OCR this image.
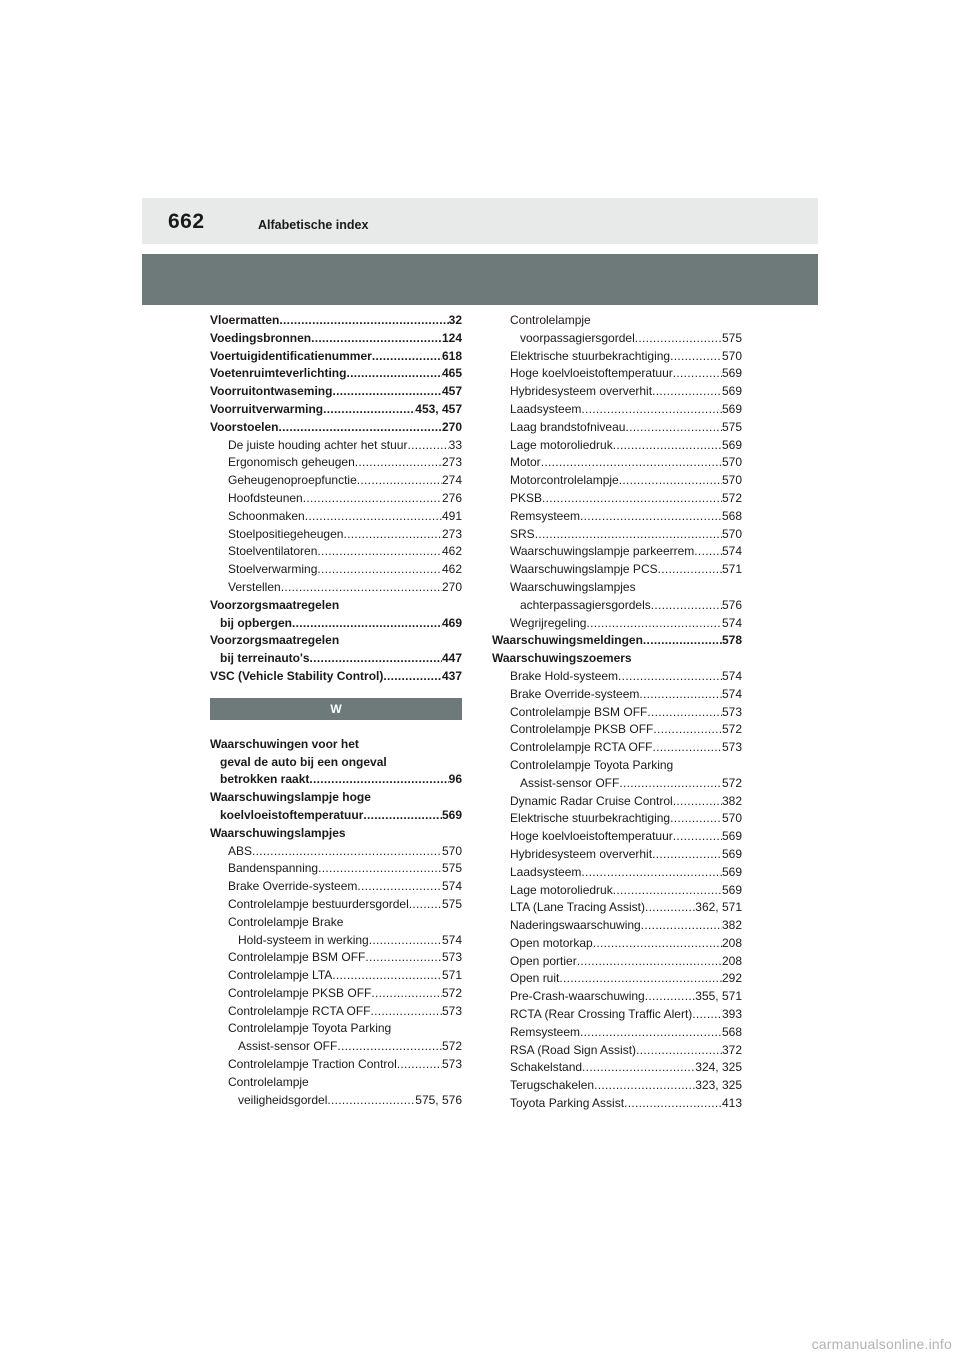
662	Alfabetische index
Vloermatten .....	32
Voedingsbronnen .....	124
Voertuigidentificatienummer .....	618
Voetenruimteverlichting .....	465
Voorruitontwaseming .....	457
Voorruitverwarming .....	453, 457
Voorstoelen .....	270
De juiste houding achter het stuur .....	33
Ergonomisch geheugen .....	273
Geheugenoproepfunctie .....	274
Hoofdsteunen .....	276
Schoonmaken .....	491
Stoelpositiegeheugen .....	273
Stoelventilatoren .....	462
Stoelverwarming .....	462
Verstellen .....	270
Voorzorgsmaatregelen
bij opbergen .....	469
Voorzorgsmaatregelen
bij terreinauto's .....	447
VSC (Vehicle Stability Control) .....	437
W
Waarschuwingen voor het
geval de auto bij een ongeval
betrokken raakt .....	96
Waarschuwingslampje hoge
koelvloeistoftemperatuur .....	569
Waarschuwingslampjes
ABS .....	570
Bandenspanning .....	575
Brake Override-systeem .....	574
Controlelampje bestuurdersgordel .....	575
Controlelampje Brake
Hold-systeem in werking .....	574
Controlelampje BSM OFF .....	573
Controlelampje LTA .....	571
Controlelampje PKSB OFF .....	572
Controlelampje RCTA OFF .....	573
Controlelampje Toyota Parking
Assist-sensor OFF .....	572
Controlelampje Traction Control .....	573
Controlelampje
veiligheidsgordel .....	575, 576
Controlelampje
voorpassagiersgordel .....	575
Elektrische stuurbekrachtiging .....	570
Hoge koelvloeistoftemperatuur .....	569
Hybridesysteem oververhit .....	569
Laadsysteem .....	569
Laag brandstofniveau .....	575
Lage motoroliedruk .....	569
Motor .....	570
Motorcontrolelampje .....	570
PKSB .....	572
Remsysteem .....	568
SRS .....	570
Waarschuwingslampje parkeerrem ..... 574
Waarschuwingslampje PCS .....	571
Waarschuwingslampjes
achterpassagiersgordels .....	576
Wegrijregeling .....	574
Waarschuwingsmeldingen .....	578
Waarschuwingszoemers
Brake Hold-systeem .....	574
Brake Override-systeem .....	574
Controlelampje BSM OFF .....	573
Controlelampje PKSB OFF .....	572
Controlelampje RCTA OFF .....	573
Controlelampje Toyota Parking
Assist-sensor OFF .....	572
Dynamic Radar Cruise Control .....	382
Elektrische stuurbekrachtiging .....	570
Hoge koelvloeistoftemperatuur .....	569
Hybridesysteem oververhit .....	569
Laadsysteem .....	569
Lage motoroliedruk .....	569
LTA (Lane Tracing Assist) .....	362, 571
Naderingswaarschuwing .....	382
Open motorkap .....	208
Open portier .....	208
Open ruit .....	292
Pre-Crash-waarschuwing .....	355, 571
RCTA (Rear Crossing Traffic Alert) ..... 393
Remsysteem .....	568
RSA (Road Sign Assist) .....	372
Schakelstand .....	324, 325
Terugschakelen .....	323, 325
Toyota Parking Assist .....	413
carmanualsonline.info
